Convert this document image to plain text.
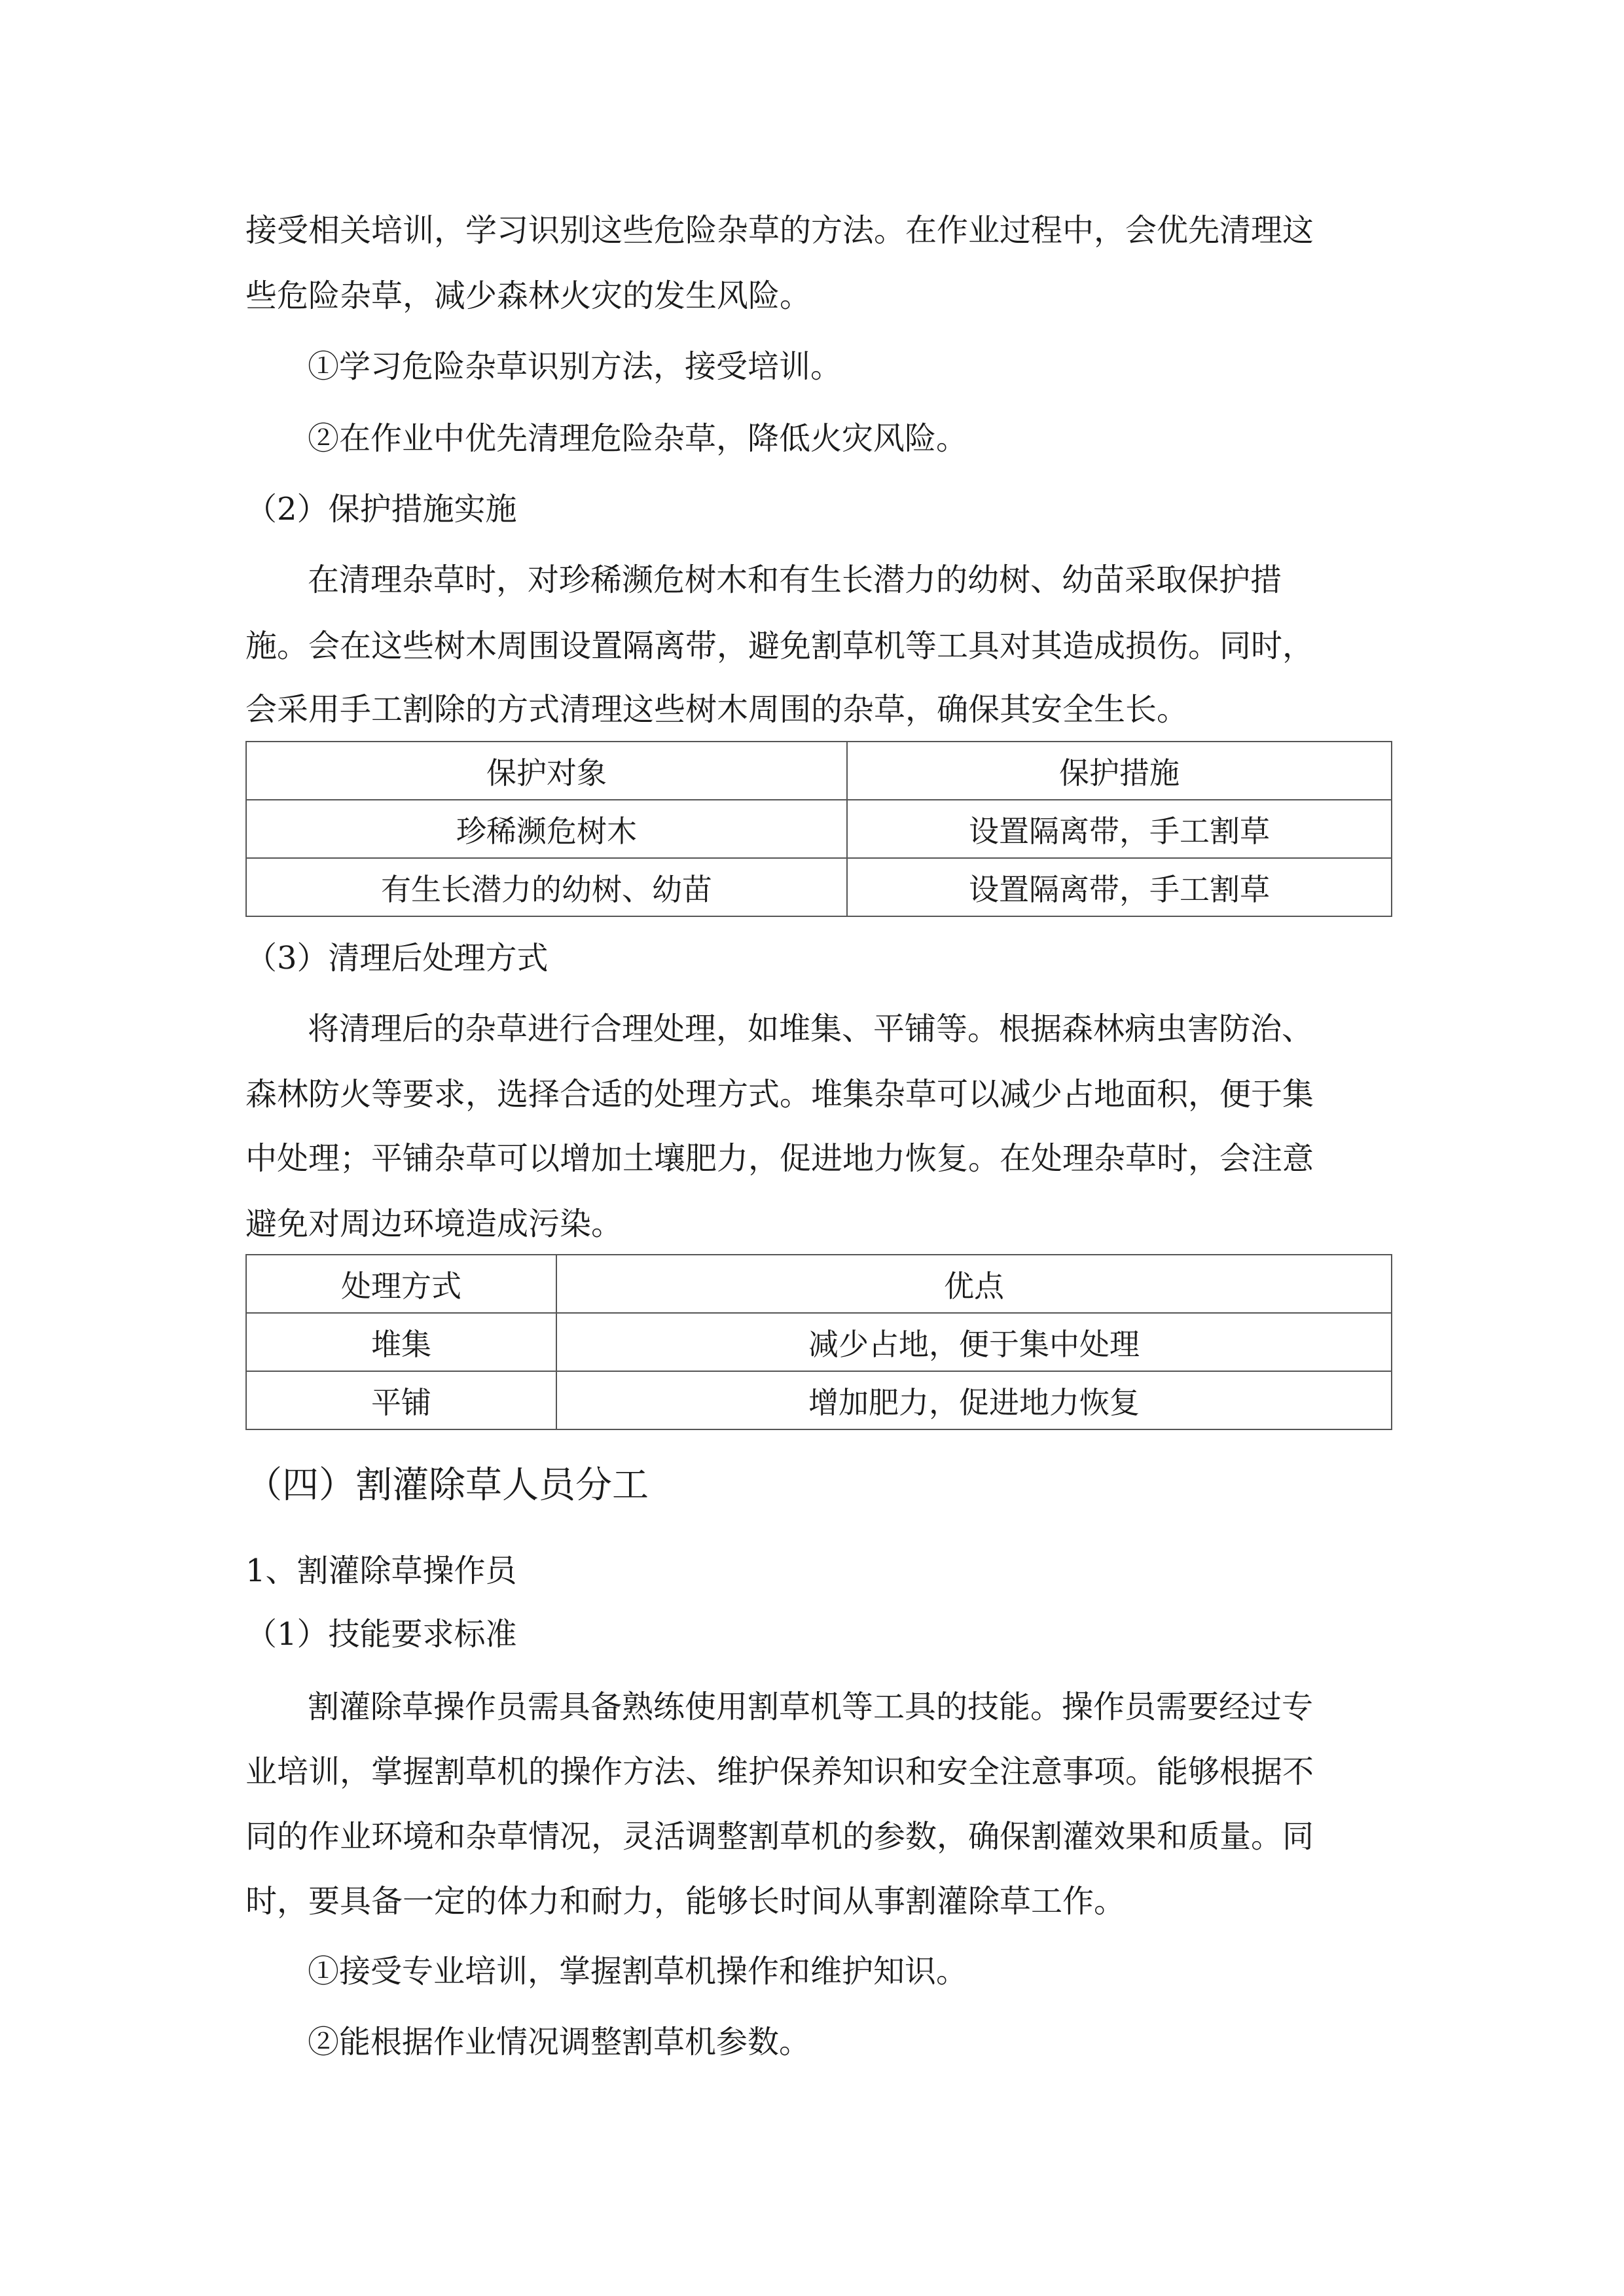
接受相关培训，学习识别这些危险杂草的方法。在作业过程中，会优先清理这

些危险杂草，减少森林火灾的发生风险。

①学习危险杂草识别方法，接受培训。

②在作业中优先清理危险杂草，降低火灾风险。

（2）保护措施实施

在清理杂草时，对珍稀濒危树木和有生长潜力的幼树、幼苗采取保护措

施。会在这些树木周围设置隔离带，避免割草机等工具对其造成损伤。同时，

会采用手工割除的方式清理这些树木周围的杂草，确保其安全生长。

保护对象	保护措施
珍稀濒危树木	设置隔离带，手工割草
有生长潜力的幼树、幼苗	设置隔离带，手工割草

（3）清理后处理方式

将清理后的杂草进行合理处理，如堆集、平铺等。根据森林病虫害防治、

森林防火等要求，选择合适的处理方式。堆集杂草可以减少占地面积，便于集

中处理；平铺杂草可以增加土壤肥力，促进地力恢复。在处理杂草时，会注意

避免对周边环境造成污染。

处理方式	优点
堆集	减少占地，便于集中处理
平铺	增加肥力，促进地力恢复

（四）割灌除草人员分工

1、割灌除草操作员

（1）技能要求标准

割灌除草操作员需具备熟练使用割草机等工具的技能。操作员需要经过专

业培训，掌握割草机的操作方法、维护保养知识和安全注意事项。能够根据不

同的作业环境和杂草情况，灵活调整割草机的参数，确保割灌效果和质量。同

时，要具备一定的体力和耐力，能够长时间从事割灌除草工作。

①接受专业培训，掌握割草机操作和维护知识。

②能根据作业情况调整割草机参数。
